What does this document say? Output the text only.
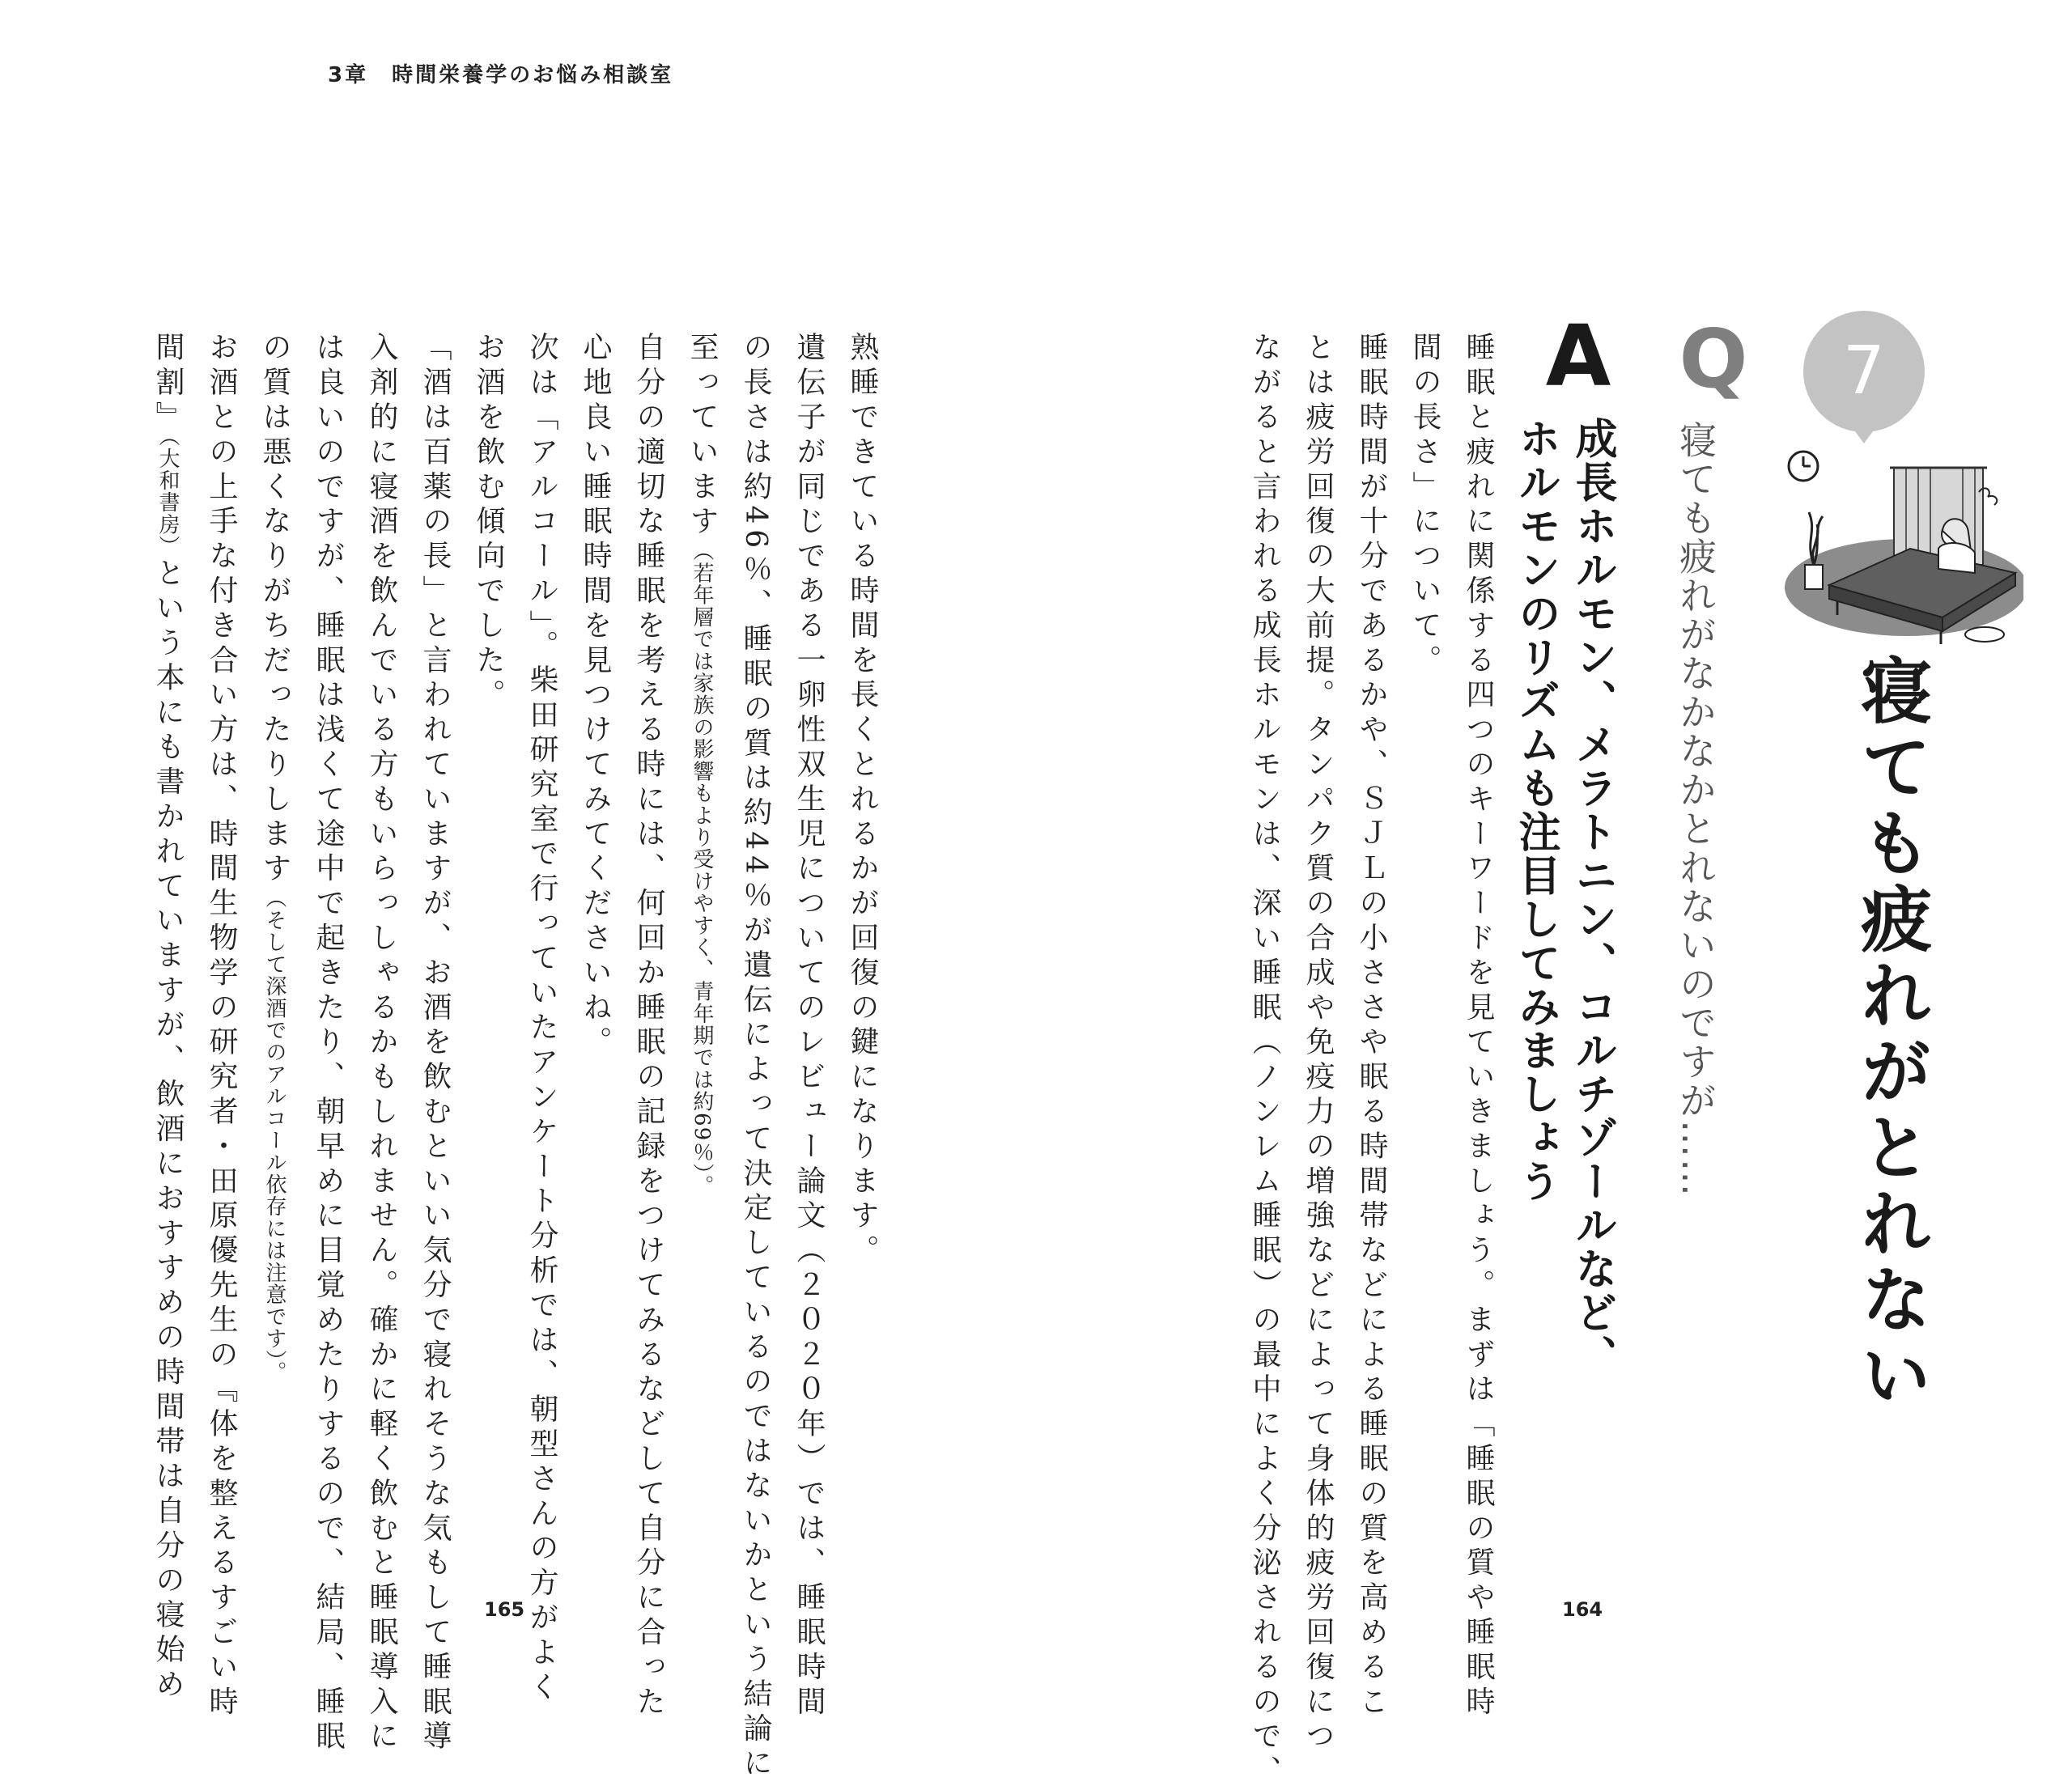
3章　時間栄養学のお悩み相談室
7
寝ても疲れがとれない
Q
寝ても疲れがなかなかとれないのですが……
A
成長ホルモン、メラトニン、コルチゾールなど、
ホルモンのリズムも注目してみましょう
睡眠と疲れに関係する四つのキーワードを見ていきましょう。まずは「睡眠の質や睡眠時
間の長さ」について。
睡眠時間が十分であるかや、ＳＪＬの小ささや眠る時間帯などによる睡眠の質を高めるこ
とは疲労回復の大前提。タンパク質の合成や免疫力の増強などによって身体的疲労回復につ
ながると言われる成長ホルモンは、深い睡眠（ノンレム睡眠）の最中によく分泌されるので、	164
熟睡できている時間を長くとれるかが回復の鍵になります。
遺伝子が同じである一卵性双生児についてのレビュー論文（２０２０年）では、睡眠時間
の長さは約46％、睡眠の質は約44％が遺伝によって決定しているのではないかという結論に
至っています（若年層では家族の影響もより受けやすく、青年期では約69％）。
自分の適切な睡眠を考える時には、何回か睡眠の記録をつけてみるなどして自分に合った
心地良い睡眠時間を見つけてみてくださいね。
次は「アルコール」。柴田研究室で行っていたアンケート分析では、朝型さんの方がよく
お酒を飲む傾向でした。
「酒は百薬の長」と言われていますが、お酒を飲むといい気分で寝れそうな気もして睡眠導
入剤的に寝酒を飲んでいる方もいらっしゃるかもしれません。確かに軽く飲むと睡眠導入に
は良いのですが、睡眠は浅くて途中で起きたり、朝早めに目覚めたりするので、結局、睡眠
の質は悪くなりがちだったりします（そして深酒でのアルコール依存には注意です）。
お酒との上手な付き合い方は、時間生物学の研究者・田原優先生の『体を整えるすごい時
間割』（大和書房）という本にも書かれていますが、飲酒におすすめの時間帯は自分の寝始め	165
